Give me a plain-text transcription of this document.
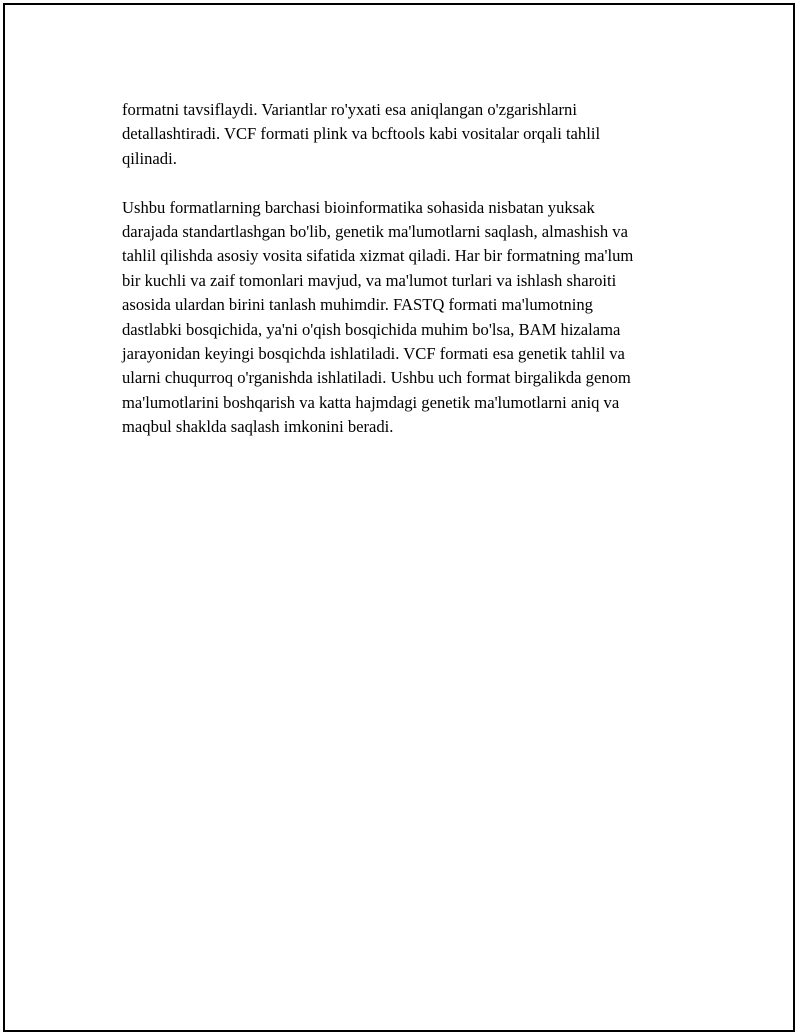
formatni tavsiflaydi. Variantlar ro'yxati esa aniqlangan o'zgarishlarni
detallashtiradi. VCF formati plink va bcftools kabi vositalar orqali tahlil
qilinadi.

Ushbu formatlarning barchasi bioinformatika sohasida nisbatan yuksak
darajada standartlashgan bo'lib, genetik ma'lumotlarni saqlash, almashish va
tahlil qilishda asosiy vosita sifatida xizmat qiladi. Har bir formatning ma'lum
bir kuchli va zaif tomonlari mavjud, va ma'lumot turlari va ishlash sharoiti
asosida ulardan birini tanlash muhimdir. FASTQ formati ma'lumotning
dastlabki bosqichida, ya'ni o'qish bosqichida muhim bo'lsa, BAM hizalama
jarayonidan keyingi bosqichda ishlatiladi. VCF formati esa genetik tahlil va
ularni chuqurroq o'rganishda ishlatiladi. Ushbu uch format birgalikda genom
ma'lumotlarini boshqarish va katta hajmdagi genetik ma'lumotlarni aniq va
maqbul shaklda saqlash imkonini beradi.
